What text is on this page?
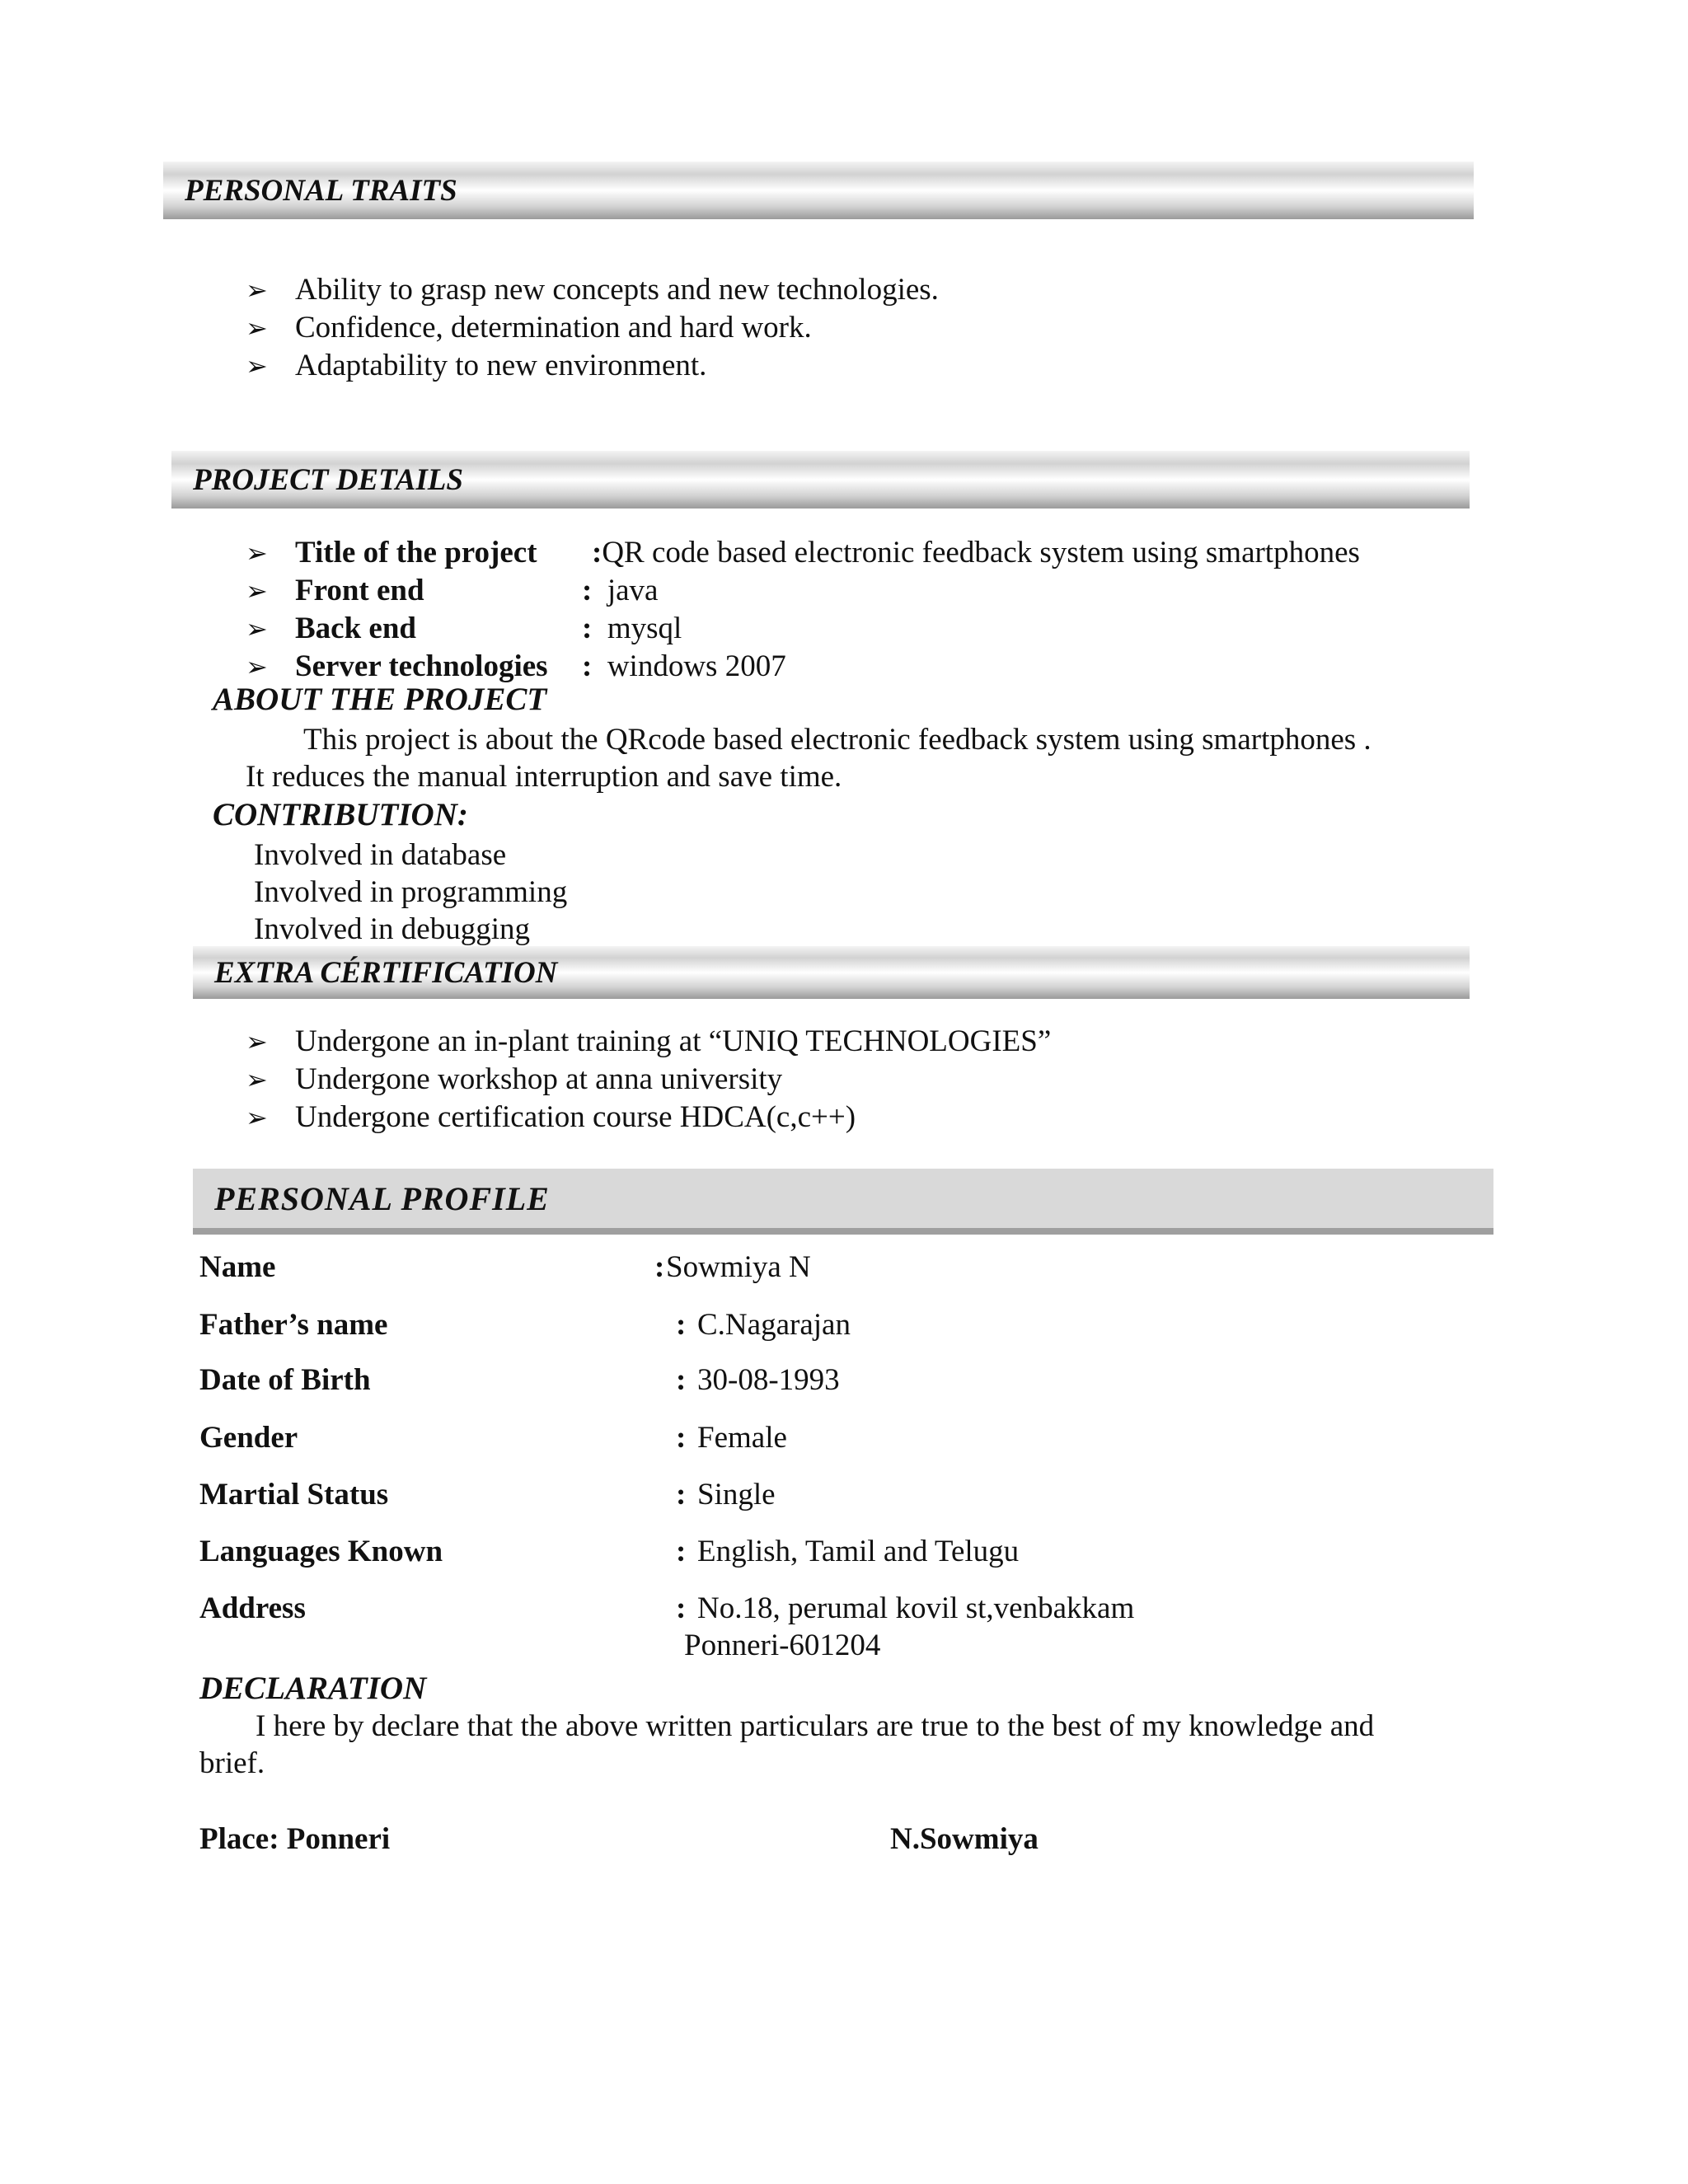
PERSONAL TRAITS
➢ Ability to grasp new concepts and new technologies.
➢ Confidence, determination and hard work.
➢ Adaptability to new environment.
PROJECT DETAILS
➢ Title of the project :QR code based electronic feedback system using smartphones
➢ Front end	: java
➢ Back end	: mysql
➢ Server technologies : windows 2007
ABOUT THE PROJECT
This project is about the QRcode based electronic feedback system using smartphones .
It reduces the manual interruption and save time.
CONTRIBUTION:
Involved in database
Involved in programming
Involved in debugging
EXTRA CÉRTIFICATION
➢ Undergone an in-plant training at “UNIQ TECHNOLOGIES”
➢ Undergone workshop at anna university
➢ Undergone certification course HDCA(c,c++)
PERSONAL PROFILE
Name	: Sowmiya N
Father’s name	: C.Nagarajan
Date of Birth	: 30-08-1993
Gender	: Female
Martial Status	: Single
Languages Known	: English, Tamil and Telugu
Address	: No.18, perumal kovil st,venbakkam
Ponneri-601204
DECLARATION
I here by declare that the above written particulars are true to the best of my knowledge and
brief.
Place: Ponneri	N.Sowmiya
